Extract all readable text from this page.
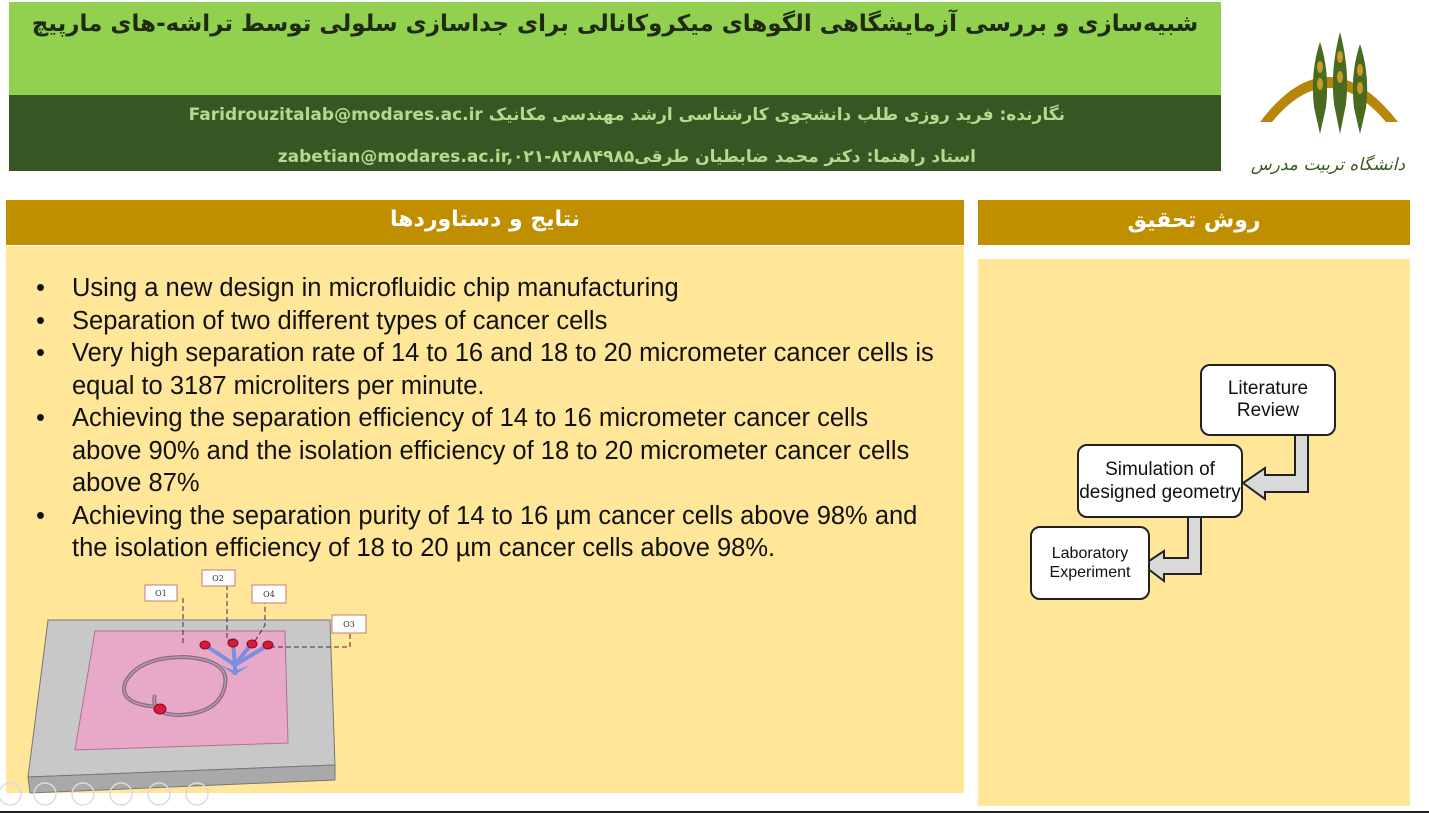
شبیه‌سازی و بررسی آزمایشگاهی الگوهای میکروکانالی برای جداسازی سلولی توسط تراشه-های مارپیچ
نگارنده: فرید روزی طلب دانشجوی کارشناسی ارشد مهندسی مکانیک Faridrouzitalab@modares.ac.ir
استاد راهنما: دکتر محمد ضابطیان طرقیzabetian@modares.ac.ir,۰۲۱-۸۲۸۸۴۹۸۵	دانشگاه تربیت مدرس
نتایج و دستاوردها
• Using a new design in microfluidic chip manufacturing
• Separation of two different types of cancer cells
• Very high separation rate of 14 to 16 and 18 to 20 micrometer cancer cells is equal to 3187 microliters per minute.
• Achieving the separation efficiency of 14 to 16 micrometer cancer cells above 90% and the isolation efficiency of 18 to 20 micrometer cancer cells above 87%
• Achieving the separation purity of 14 to 16 µm cancer cells above 98% and the isolation efficiency of 18 to 20 µm cancer cells above 98%.
O1
O2
O4
O3
روش تحقیق
Literature Review
Simulation of designed geometry
Laboratory Experiment
